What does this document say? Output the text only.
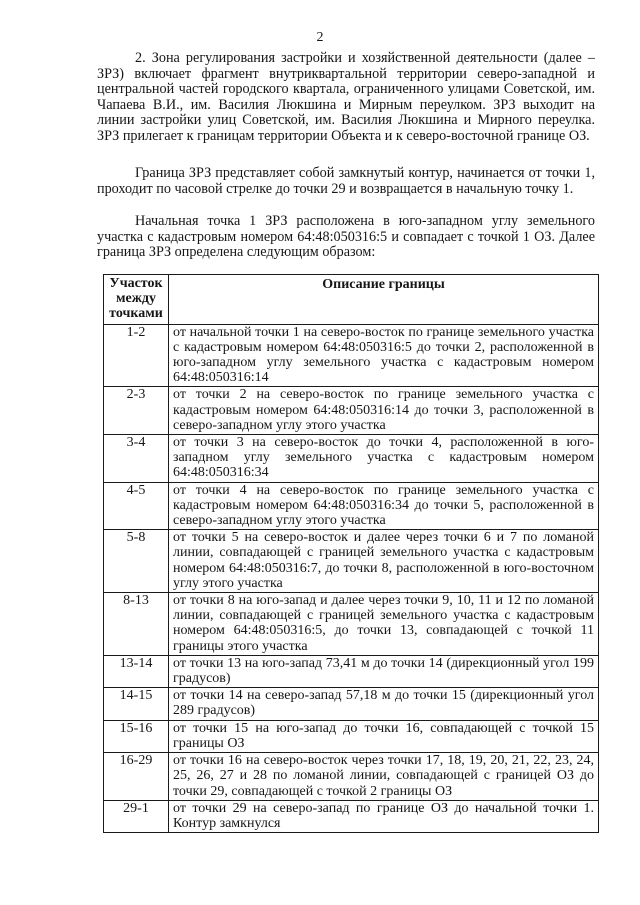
2
2. Зона регулирования застройки и хозяйственной деятельности (далее – ЗРЗ) включает фрагмент внутриквартальной территории северо-западной и центральной частей городского квартала, ограниченного улицами Советской, им. Чапаева В.И., им. Василия Люкшина и Мирным переулком. ЗРЗ выходит на линии застройки улиц Советской, им. Василия Люкшина и Мирного переулка. ЗРЗ прилегает к границам территории Объекта и к северо-восточной границе ОЗ.
Граница ЗРЗ представляет собой замкнутый контур, начинается от точки 1, проходит по часовой стрелке до точки 29 и возвращается в начальную точку 1.
Начальная точка 1 ЗРЗ расположена в юго-западном углу земельного участка с кадастровым номером 64:48:050316:5 и совпадает с точкой 1 ОЗ. Далее граница ЗРЗ определена следующим образом:
Участок между точками	Описание границы
1-2	от начальной точки 1 на северо-восток по границе земельного участка с кадастровым номером 64:48:050316:5 до точки 2, расположенной в юго-западном углу земельного участка с кадастровым номером 64:48:050316:14
2-3	от точки 2 на северо-восток по границе земельного участка с кадастровым номером 64:48:050316:14 до точки 3, расположенной в северо-западном углу этого участка
3-4	от точки 3 на северо-восток до точки 4, расположенной в юго-западном углу земельного участка с кадастровым номером 64:48:050316:34
4-5	от точки 4 на северо-восток по границе земельного участка с кадастровым номером 64:48:050316:34 до точки 5, расположенной в северо-западном углу этого участка
5-8	от точки 5 на северо-восток и далее через точки 6 и 7 по ломаной линии, совпадающей с границей земельного участка с кадастровым номером 64:48:050316:7, до точки 8, расположенной в юго-восточном углу этого участка
8-13	от точки 8 на юго-запад и далее через точки 9, 10, 11 и 12 по ломаной линии, совпадающей с границей земельного участка с кадастровым номером 64:48:050316:5, до точки 13, совпадающей с точкой 11 границы этого участка
13-14	от точки 13 на юго-запад 73,41 м до точки 14 (дирекционный угол 199 градусов)
14-15	от точки 14 на северо-запад 57,18 м до точки 15 (дирекционный угол 289 градусов)
15-16	от точки 15 на юго-запад до точки 16, совпадающей с точкой 15 границы ОЗ
16-29	от точки 16 на северо-восток через точки 17, 18, 19, 20, 21, 22, 23, 24, 25, 26, 27 и 28 по ломаной линии, совпадающей с границей ОЗ до точки 29, совпадающей с точкой 2 границы ОЗ
29-1	от точки 29 на северо-запад по границе ОЗ до начальной точки 1. Контур замкнулся
